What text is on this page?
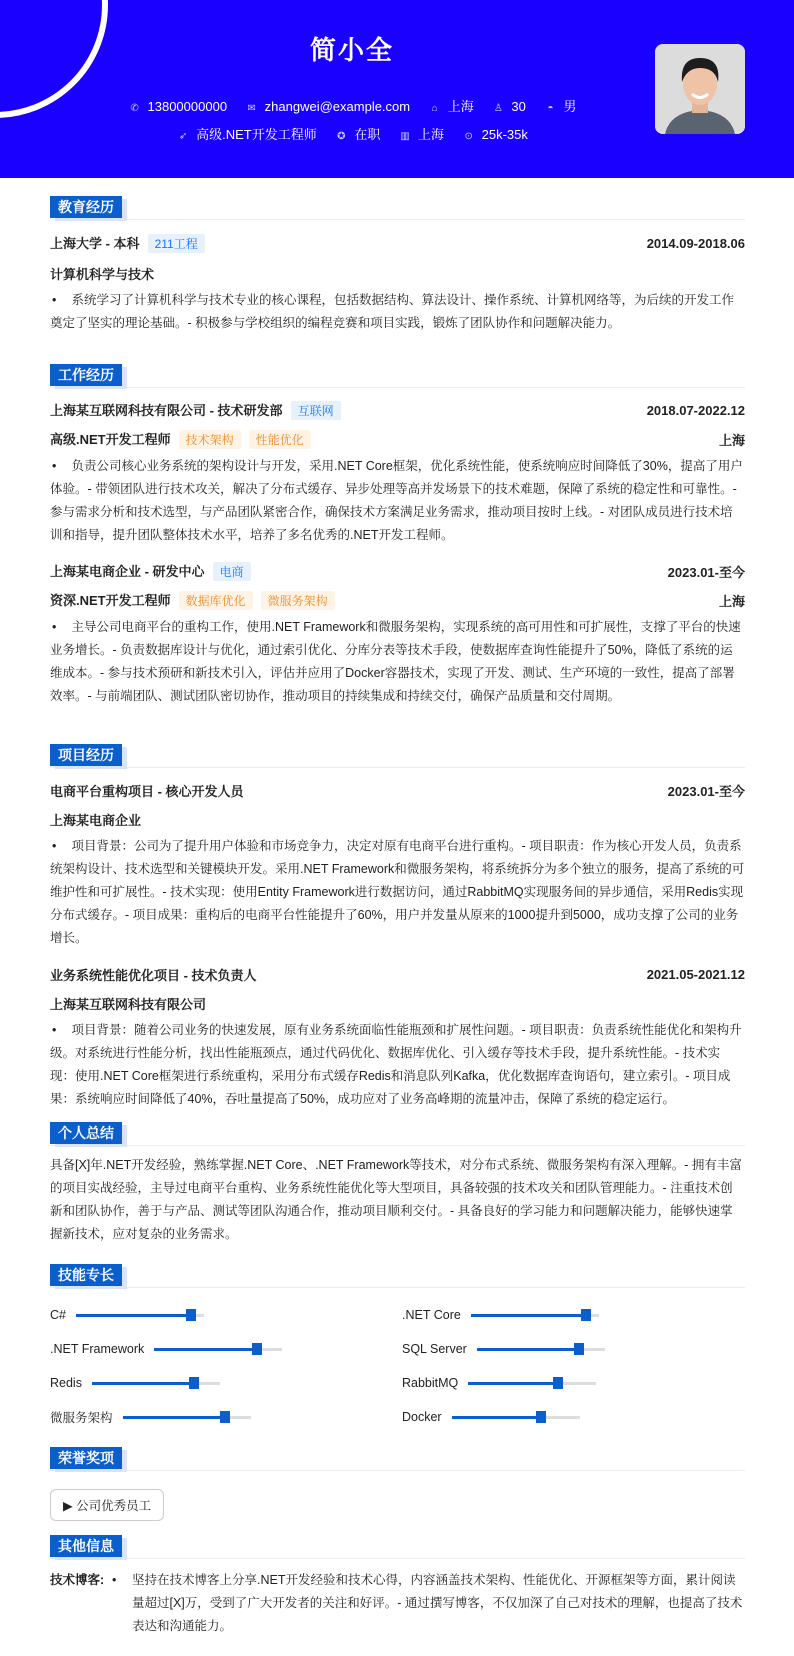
简小全
✆ 13800000000 ✉ zhangwei@example.com ⌂ 上海 ♙ 30 ◓ 男
➶ 高级.NET开发工程师 ✪ 在职 ▥ 上海 ⊙ 25k-35k
教育经历
上海大学 - 本科 211工程	2014.09-2018.06
计算机科学与技术
• 系统学习了计算机科学与技术专业的核心课程，包括数据结构、算法设计、操作系统、计算机网络等，为后续的开发工作奠定了坚实的理论基础。- 积极参与学校组织的编程竞赛和项目实践，锻炼了团队协作和问题解决能力。
工作经历
上海某互联网科技有限公司 - 技术研发部 互联网	2018.07-2022.12
高级.NET开发工程师 技术架构 性能优化	上海
• 负责公司核心业务系统的架构设计与开发，采用.NET Core框架，优化系统性能，使系统响应时间降低了30%，提高了用户体验。- 带领团队进行技术攻关，解决了分布式缓存、异步处理等高并发场景下的技术难题，保障了系统的稳定性和可靠性。- 参与需求分析和技术选型，与产品团队紧密合作，确保技术方案满足业务需求，推动项目按时上线。- 对团队成员进行技术培训和指导，提升团队整体技术水平，培养了多名优秀的.NET开发工程师。
上海某电商企业 - 研发中心 电商	2023.01-至今
资深.NET开发工程师 数据库优化 微服务架构	上海
• 主导公司电商平台的重构工作，使用.NET Framework和微服务架构，实现系统的高可用性和可扩展性，支撑了平台的快速业务增长。- 负责数据库设计与优化，通过索引优化、分库分表等技术手段，使数据库查询性能提升了50%，降低了系统的运维成本。- 参与技术预研和新技术引入，评估并应用了Docker容器技术，实现了开发、测试、生产环境的一致性，提高了部署效率。- 与前端团队、测试团队密切协作，推动项目的持续集成和持续交付，确保产品质量和交付周期。
项目经历
电商平台重构项目 - 核心开发人员	2023.01-至今
上海某电商企业
• 项目背景：公司为了提升用户体验和市场竞争力，决定对原有电商平台进行重构。- 项目职责：作为核心开发人员，负责系统架构设计、技术选型和关键模块开发。采用.NET Framework和微服务架构，将系统拆分为多个独立的服务，提高了系统的可维护性和可扩展性。- 技术实现：使用Entity Framework进行数据访问，通过RabbitMQ实现服务间的异步通信，采用Redis实现分布式缓存。- 项目成果：重构后的电商平台性能提升了60%，用户并发量从原来的1000提升到5000，成功支撑了公司的业务增长。
业务系统性能优化项目 - 技术负责人	2021.05-2021.12
上海某互联网科技有限公司
• 项目背景：随着公司业务的快速发展，原有业务系统面临性能瓶颈和扩展性问题。- 项目职责：负责系统性能优化和架构升级。对系统进行性能分析，找出性能瓶颈点，通过代码优化、数据库优化、引入缓存等技术手段，提升系统性能。- 技术实现：使用.NET Core框架进行系统重构，采用分布式缓存Redis和消息队列Kafka，优化数据库查询语句，建立索引。- 项目成果：系统响应时间降低了40%，吞吐量提高了50%，成功应对了业务高峰期的流量冲击，保障了系统的稳定运行。
个人总结
具备[X]年.NET开发经验，熟练掌握.NET Core、.NET Framework等技术，对分布式系统、微服务架构有深入理解。- 拥有丰富的项目实战经验，主导过电商平台重构、业务系统性能优化等大型项目，具备较强的技术攻关和团队管理能力。- 注重技术创新和团队协作，善于与产品、测试等团队沟通合作，推动项目顺利交付。- 具备良好的学习能力和问题解决能力，能够快速掌握新技术，应对复杂的业务需求。
技能专长
C#	.NET Core
.NET Framework	SQL Server
Redis	RabbitMQ
微服务架构	Docker
荣誉奖项
▶ 公司优秀员工
其他信息
技术博客: •	坚持在技术博客上分享.NET开发经验和技术心得，内容涵盖技术架构、性能优化、开源框架等方面，累计阅读量超过[X]万，受到了广大开发者的关注和好评。- 通过撰写博客，不仅加深了自己对技术的理解，也提高了技术表达和沟通能力。
